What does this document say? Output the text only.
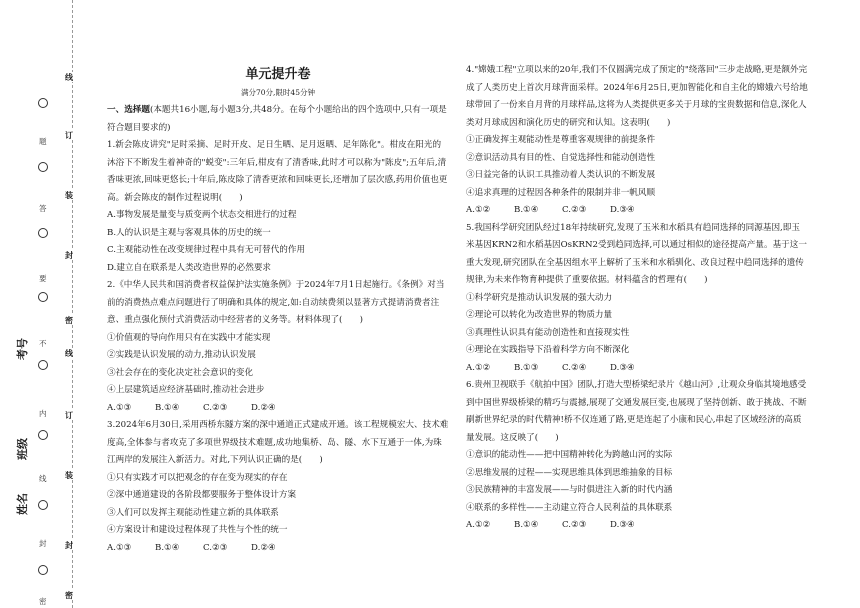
线
订
装
封
密
线
订
装
封
密
题
答
要
不
内
线
封
密
姓名
班级
考号
单元提升卷
满分70分,限时45分钟

一、选择题(本题共16小题,每小题3分,共48分。在每个小题给出的四个选项中,只有一项是符合题目要求的)

1.新会陈皮讲究"足时采摘、足时开皮、足日生晒、足月返晒、足年陈化"。柑皮在阳光的沐浴下不断发生着神奇的"蜕变":三年后,柑皮有了清香味,此时才可以称为"陈皮";五年后,清香味更浓,回味更悠长;十年后,陈皮除了清香更浓和回味更长,还增加了层次感,药用价值也更高。新会陈皮的制作过程说明(　　)

A.事物发展是量变与质变两个状态交相进行的过程

B.人的认识是主观与客观具体的历史的统一

C.主观能动性在改变规律过程中具有无可替代的作用

D.建立自在联系是人类改造世界的必然要求

2.《中华人民共和国消费者权益保护法实施条例》于2024年7月1日起施行。《条例》对当前的消费热点难点问题进行了明确和具体的规定,如:自动续费须以显著方式提请消费者注意、重点强化预付式消费活动中经营者的义务等。材料体现了(　　)

①价值观的导向作用只有在实践中才能实现

②实践是认识发展的动力,推动认识发展

③社会存在的变化决定社会意识的变化

④上层建筑适应经济基础时,推动社会进步

A.①③	B.①④	C.②③	D.②④

3.2024年6月30日,采用西桥东隧方案的深中通道正式建成开通。该工程规模宏大、技术难度高,全体参与者攻克了多项世界级技术难题,成功地集桥、岛、隧、水下互通于一体,为珠江两岸的发展注入新活力。对此,下列认识正确的是(　　)

①只有实践才可以把观念的存在变为现实的存在

②深中通道建设的各阶段都要服务于整体设计方案

③人们可以发挥主观能动性建立新的具体联系

④方案设计和建设过程体现了共性与个性的统一

A.①③	B.①④	C.②③	D.②④

4."嫦娥工程"立项以来的20年,我们不仅圆满完成了预定的"绕落回"三步走战略,更是额外完成了人类历史上首次月球背面采样。2024年6月25日,更加智能化和自主化的嫦娥六号给地球带回了一份来自月背的月球样品,这将为人类提供更多关于月球的宝贵数据和信息,深化人类对月球成因和演化历史的研究和认知。这表明(　　)

①正确发挥主观能动性是尊重客观规律的前提条件

②意识活动具有目的性、自觉选择性和能动创造性

③日益完备的认识工具推动着人类认识的不断发展

④追求真理的过程因各种条件的限制并非一帆风顺

A.①②	B.①④	C.②③	D.③④

5.我国科学研究团队经过18年持续研究,发现了玉米和水稻具有趋同选择的同源基因,即玉米基因KRN2和水稻基因OsKRN2受到趋同选择,可以通过相似的途径提高产量。基于这一重大发现,研究团队在全基因组水平上解析了玉米和水稻驯化、改良过程中趋同选择的遗传规律,为未来作物育种提供了重要依据。材料蕴含的哲理有(　　)

①科学研究是推动认识发展的强大动力

②理论可以转化为改造世界的物质力量

③真理性认识具有能动创造性和直接现实性

④理论在实践指导下沿着科学方向不断深化

A.①②	B.①③	C.②④	D.③④

6.贵州卫视联手《航拍中国》团队,打造大型桥梁纪录片《越山河》,让观众身临其境地感受到中国世界级桥梁的精巧与震撼,展现了交通发展巨变,也展现了坚持创新、敢于挑战、不断刷新世界纪录的时代精神!桥不仅连通了路,更是连起了小康和民心,串起了区域经济的高质量发展。这反映了(　　)

①意识的能动性——把中国精神转化为跨越山河的实际

②思维发展的过程——实现思维具体到思维抽象的目标

③民族精神的丰富发展——与时俱进注入新的时代内涵

④联系的多样性——主动建立符合人民利益的具体联系

A.①②	B.①④	C.②③	D.③④
